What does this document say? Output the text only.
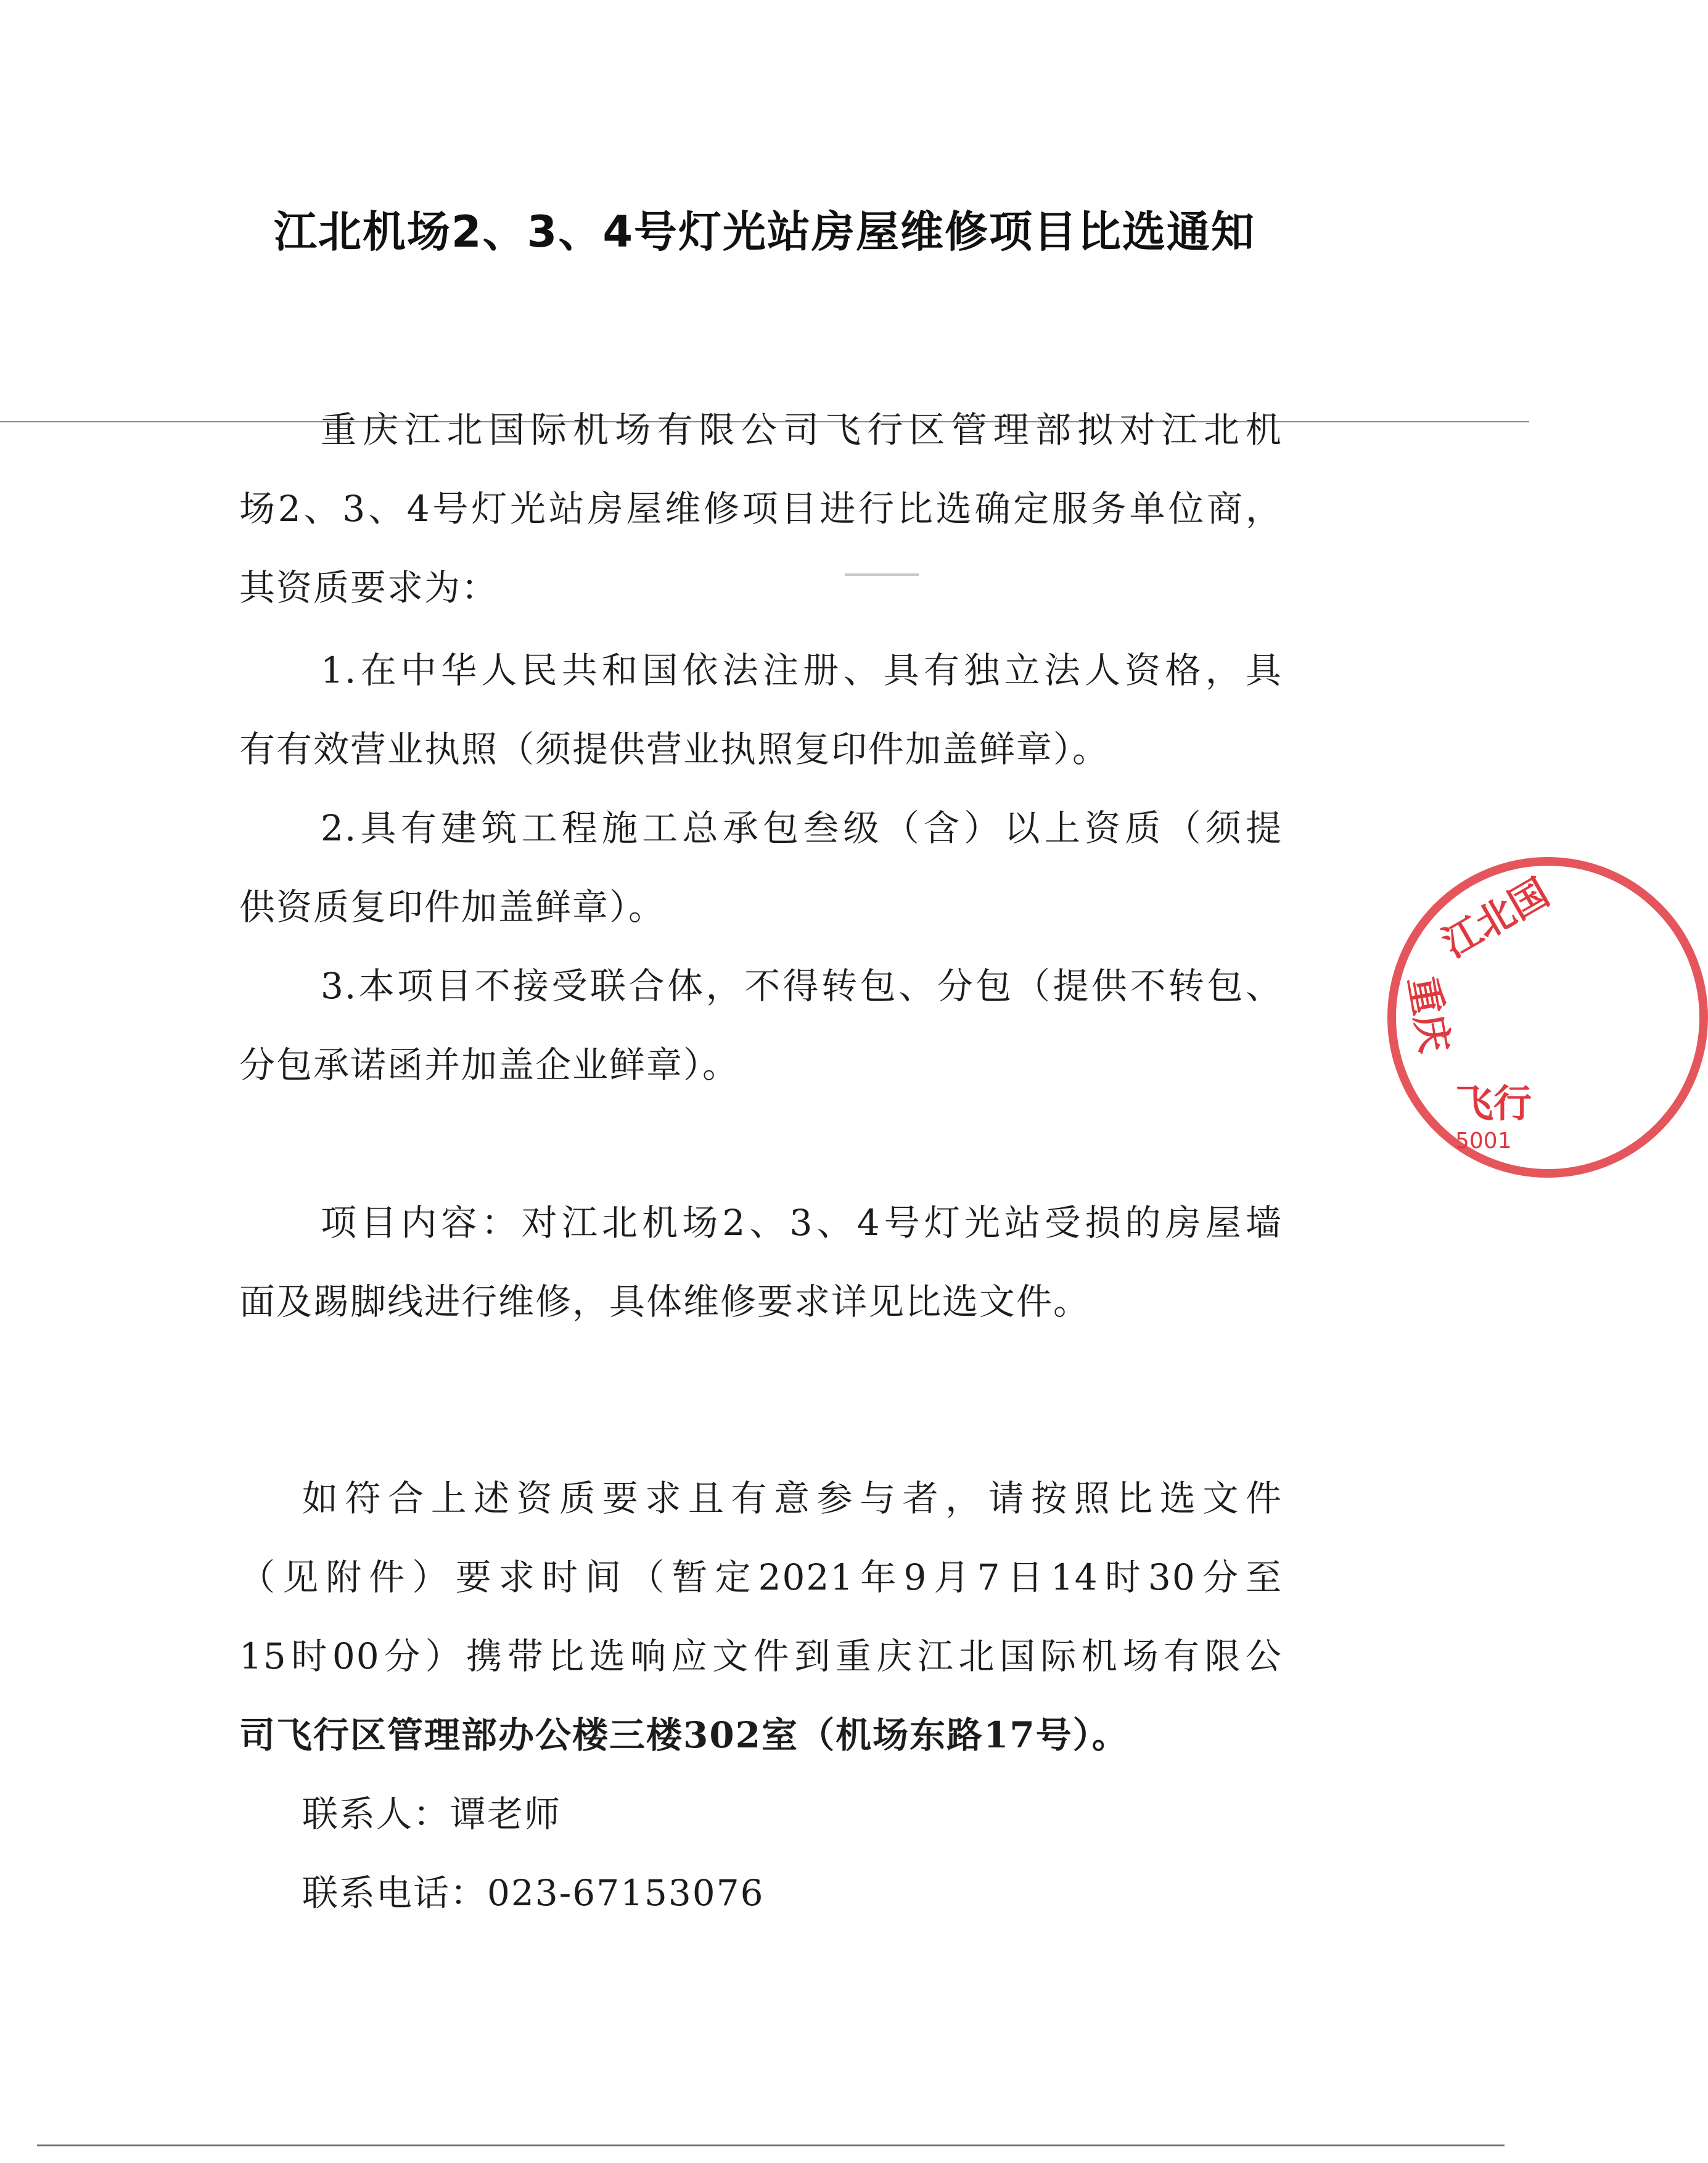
江北机场2、3、4号灯光站房屋维修项目比选通知
重庆江北国际机场有限公司飞行区管理部拟对江北机
场2、3、4号灯光站房屋维修项目进行比选确定服务单位商，
其资质要求为：
1.在中华人民共和国依法注册、具有独立法人资格，具
有有效营业执照（须提供营业执照复印件加盖鲜章）。
2.具有建筑工程施工总承包叁级（含）以上资质（须提
供资质复印件加盖鲜章）。
3.本项目不接受联合体，不得转包、分包（提供不转包、
分包承诺函并加盖企业鲜章）。
项目内容：对江北机场2、3、4号灯光站受损的房屋墙
面及踢脚线进行维修，具体维修要求详见比选文件。
如符合上述资质要求且有意参与者，请按照比选文件
（见附件）要求时间（暂定2021年9月7日14时30分至
15时00分）携带比选响应文件到重庆江北国际机场有限公
司飞行区管理部办公楼三楼302室（机场东路17号）。
联系人：谭老师
联系电话：023-67153076
江北国
重庆
飞行
5001
